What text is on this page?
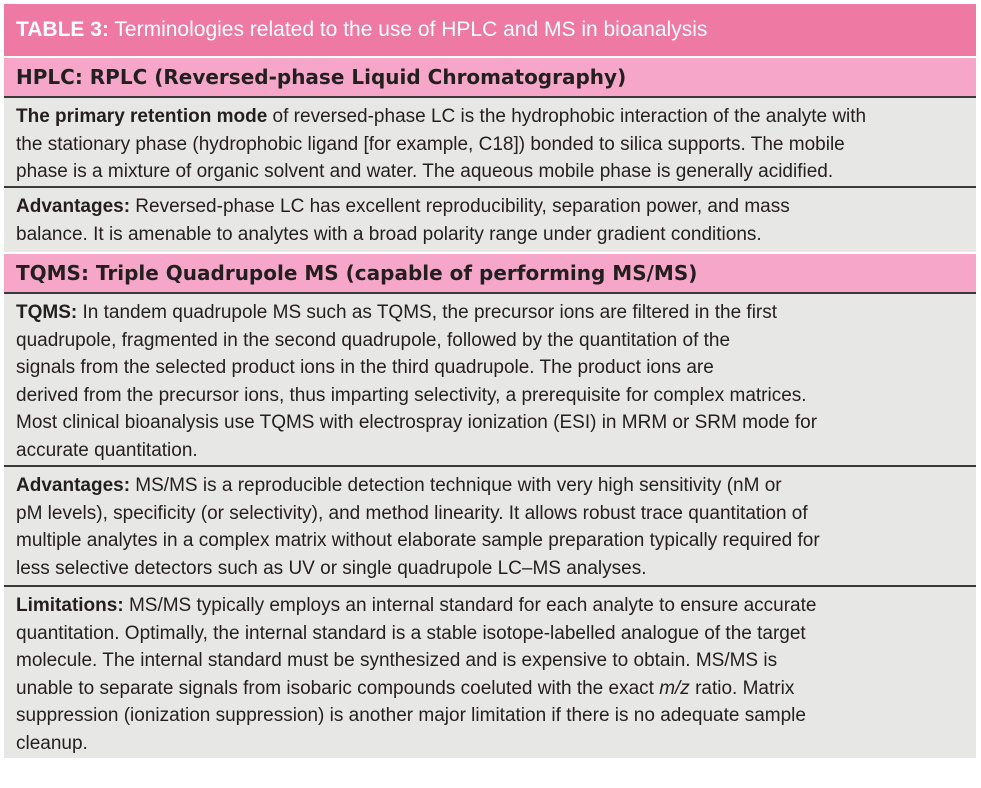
TABLE 3: Terminologies related to the use of HPLC and MS in bioanalysis
HPLC: RPLC (Reversed-phase Liquid Chromatography)
The primary retention mode of reversed-phase LC is the hydrophobic interaction of the analyte with
the stationary phase (hydrophobic ligand [for example, C18]) bonded to silica supports. The mobile
phase is a mixture of organic solvent and water. The aqueous mobile phase is generally acidified.
Advantages: Reversed-phase LC has excellent reproducibility, separation power, and mass
balance. It is amenable to analytes with a broad polarity range under gradient conditions.
TQMS: Triple Quadrupole MS (capable of performing MS/MS)
TQMS: In tandem quadrupole MS such as TQMS, the precursor ions are filtered in the first
quadrupole, fragmented in the second quadrupole, followed by the quantitation of the
signals from the selected product ions in the third quadrupole. The product ions are
derived from the precursor ions, thus imparting selectivity, a prerequisite for complex matrices.
Most clinical bioanalysis use TQMS with electrospray ionization (ESI) in MRM or SRM mode for
accurate quantitation.
Advantages: MS/MS is a reproducible detection technique with very high sensitivity (nM or
pM levels), specificity (or selectivity), and method linearity. It allows robust trace quantitation of
multiple analytes in a complex matrix without elaborate sample preparation typically required for
less selective detectors such as UV or single quadrupole LC–MS analyses.
Limitations: MS/MS typically employs an internal standard for each analyte to ensure accurate
quantitation. Optimally, the internal standard is a stable isotope-labelled analogue of the target
molecule. The internal standard must be synthesized and is expensive to obtain. MS/MS is
unable to separate signals from isobaric compounds coeluted with the exact m/z ratio. Matrix
suppression (ionization suppression) is another major limitation if there is no adequate sample
cleanup.
